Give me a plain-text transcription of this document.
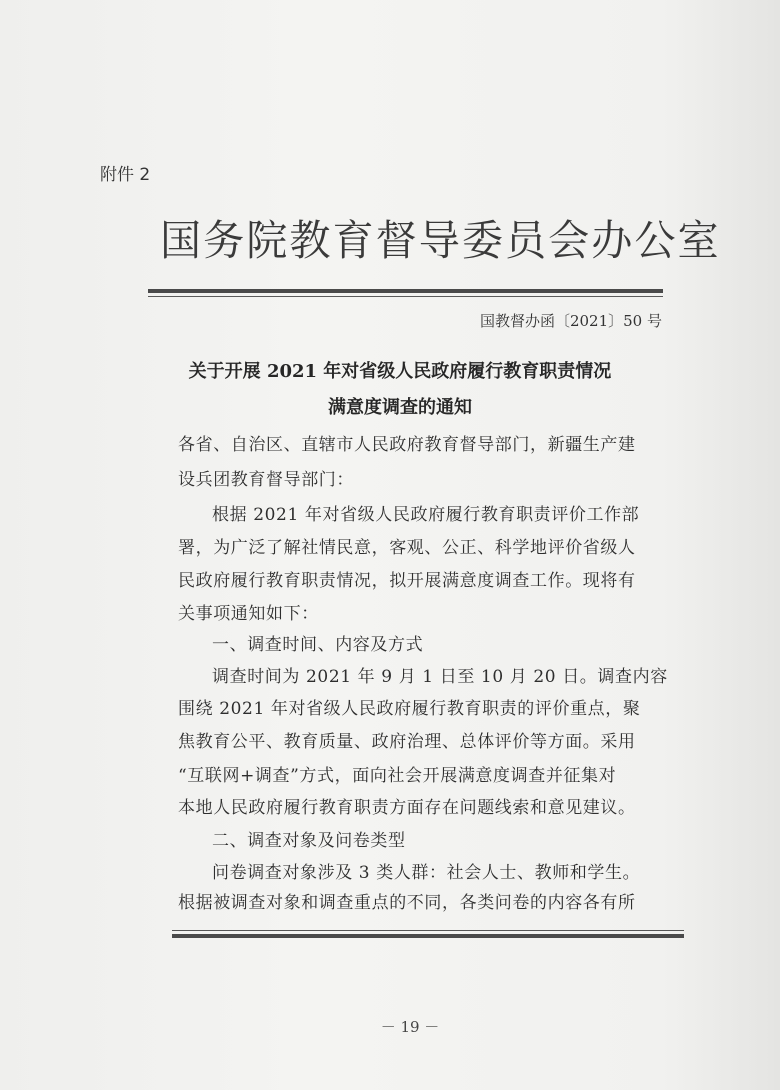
附件 2
国务院教育督导委员会办公室
国教督办函〔2021〕50 号
关于开展 2021 年对省级人民政府履行教育职责情况
满意度调查的通知
各省、自治区、直辖市人民政府教育督导部门，新疆生产建
设兵团教育督导部门：
根据 2021 年对省级人民政府履行教育职责评价工作部
署，为广泛了解社情民意，客观、公正、科学地评价省级人
民政府履行教育职责情况，拟开展满意度调查工作。现将有
关事项通知如下：
一、调查时间、内容及方式
调查时间为 2021 年 9 月 1 日至 10 月 20 日。调查内容
围绕 2021 年对省级人民政府履行教育职责的评价重点，聚
焦教育公平、教育质量、政府治理、总体评价等方面。采用
“互联网+调查”方式，面向社会开展满意度调查并征集对
本地人民政府履行教育职责方面存在问题线索和意见建议。
二、调查对象及问卷类型
问卷调查对象涉及 3 类人群：社会人士、教师和学生。
根据被调查对象和调查重点的不同，各类问卷的内容各有所
－ 19 －
